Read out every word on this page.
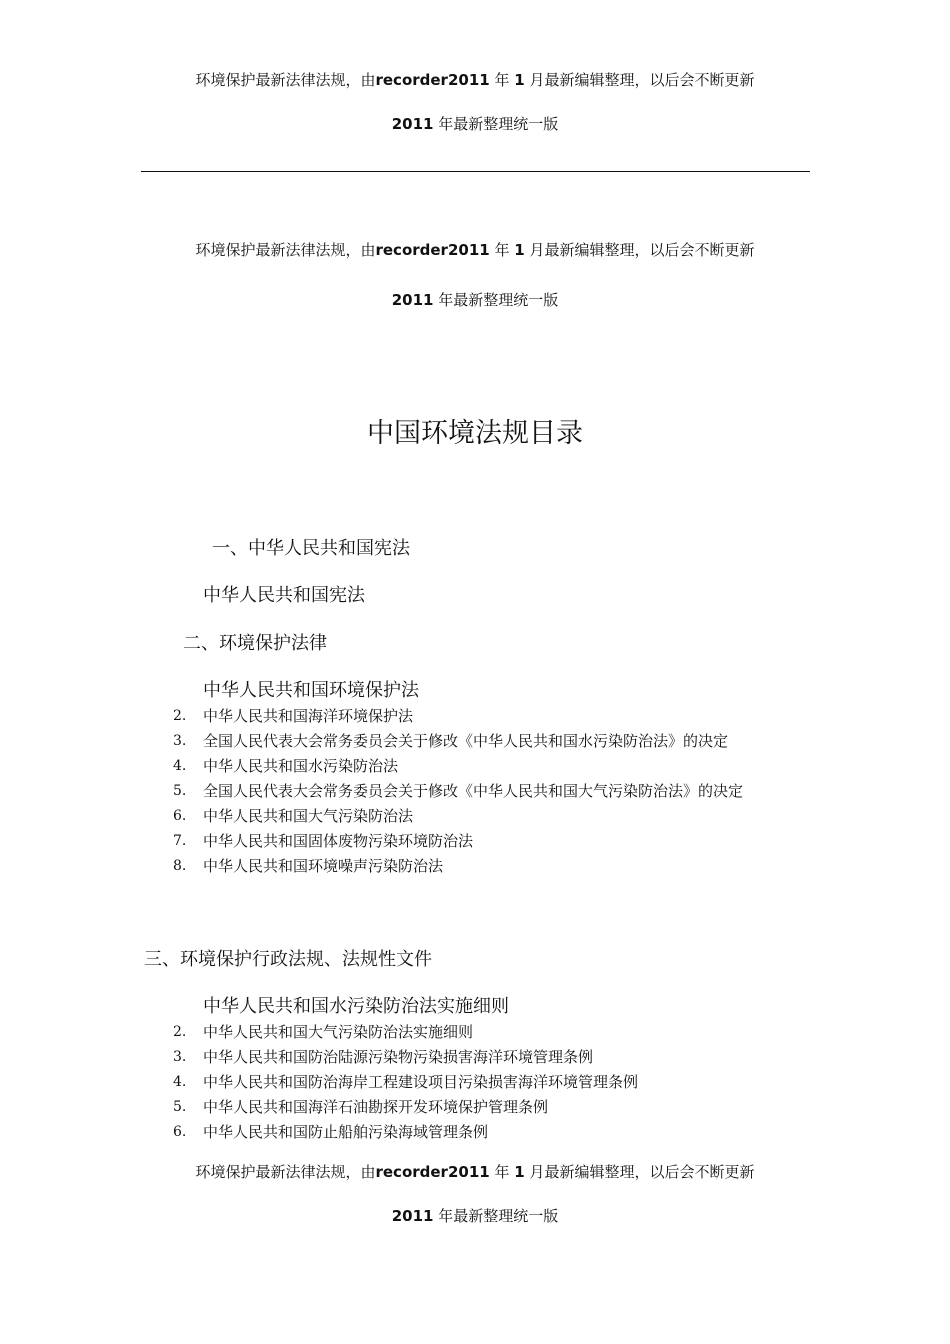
环境保护最新法律法规，由recorder2011 年 1 月最新编辑整理，以后会不断更新
2011 年最新整理统一版
环境保护最新法律法规，由recorder2011 年 1 月最新编辑整理，以后会不断更新
2011 年最新整理统一版
中国环境法规目录
一、中华人民共和国宪法
中华人民共和国宪法
二、环境保护法律
中华人民共和国环境保护法
2. 中华人民共和国海洋环境保护法
3. 全国人民代表大会常务委员会关于修改《中华人民共和国水污染防治法》的决定
4. 中华人民共和国水污染防治法
5. 全国人民代表大会常务委员会关于修改《中华人民共和国大气污染防治法》的决定
6. 中华人民共和国大气污染防治法
7. 中华人民共和国固体废物污染环境防治法
8. 中华人民共和国环境噪声污染防治法
三、环境保护行政法规、法规性文件
中华人民共和国水污染防治法实施细则
2. 中华人民共和国大气污染防治法实施细则
3. 中华人民共和国防治陆源污染物污染损害海洋环境管理条例
4. 中华人民共和国防治海岸工程建设项目污染损害海洋环境管理条例
5. 中华人民共和国海洋石油勘探开发环境保护管理条例
6. 中华人民共和国防止船舶污染海域管理条例
环境保护最新法律法规，由recorder2011 年 1 月最新编辑整理，以后会不断更新
2011 年最新整理统一版
